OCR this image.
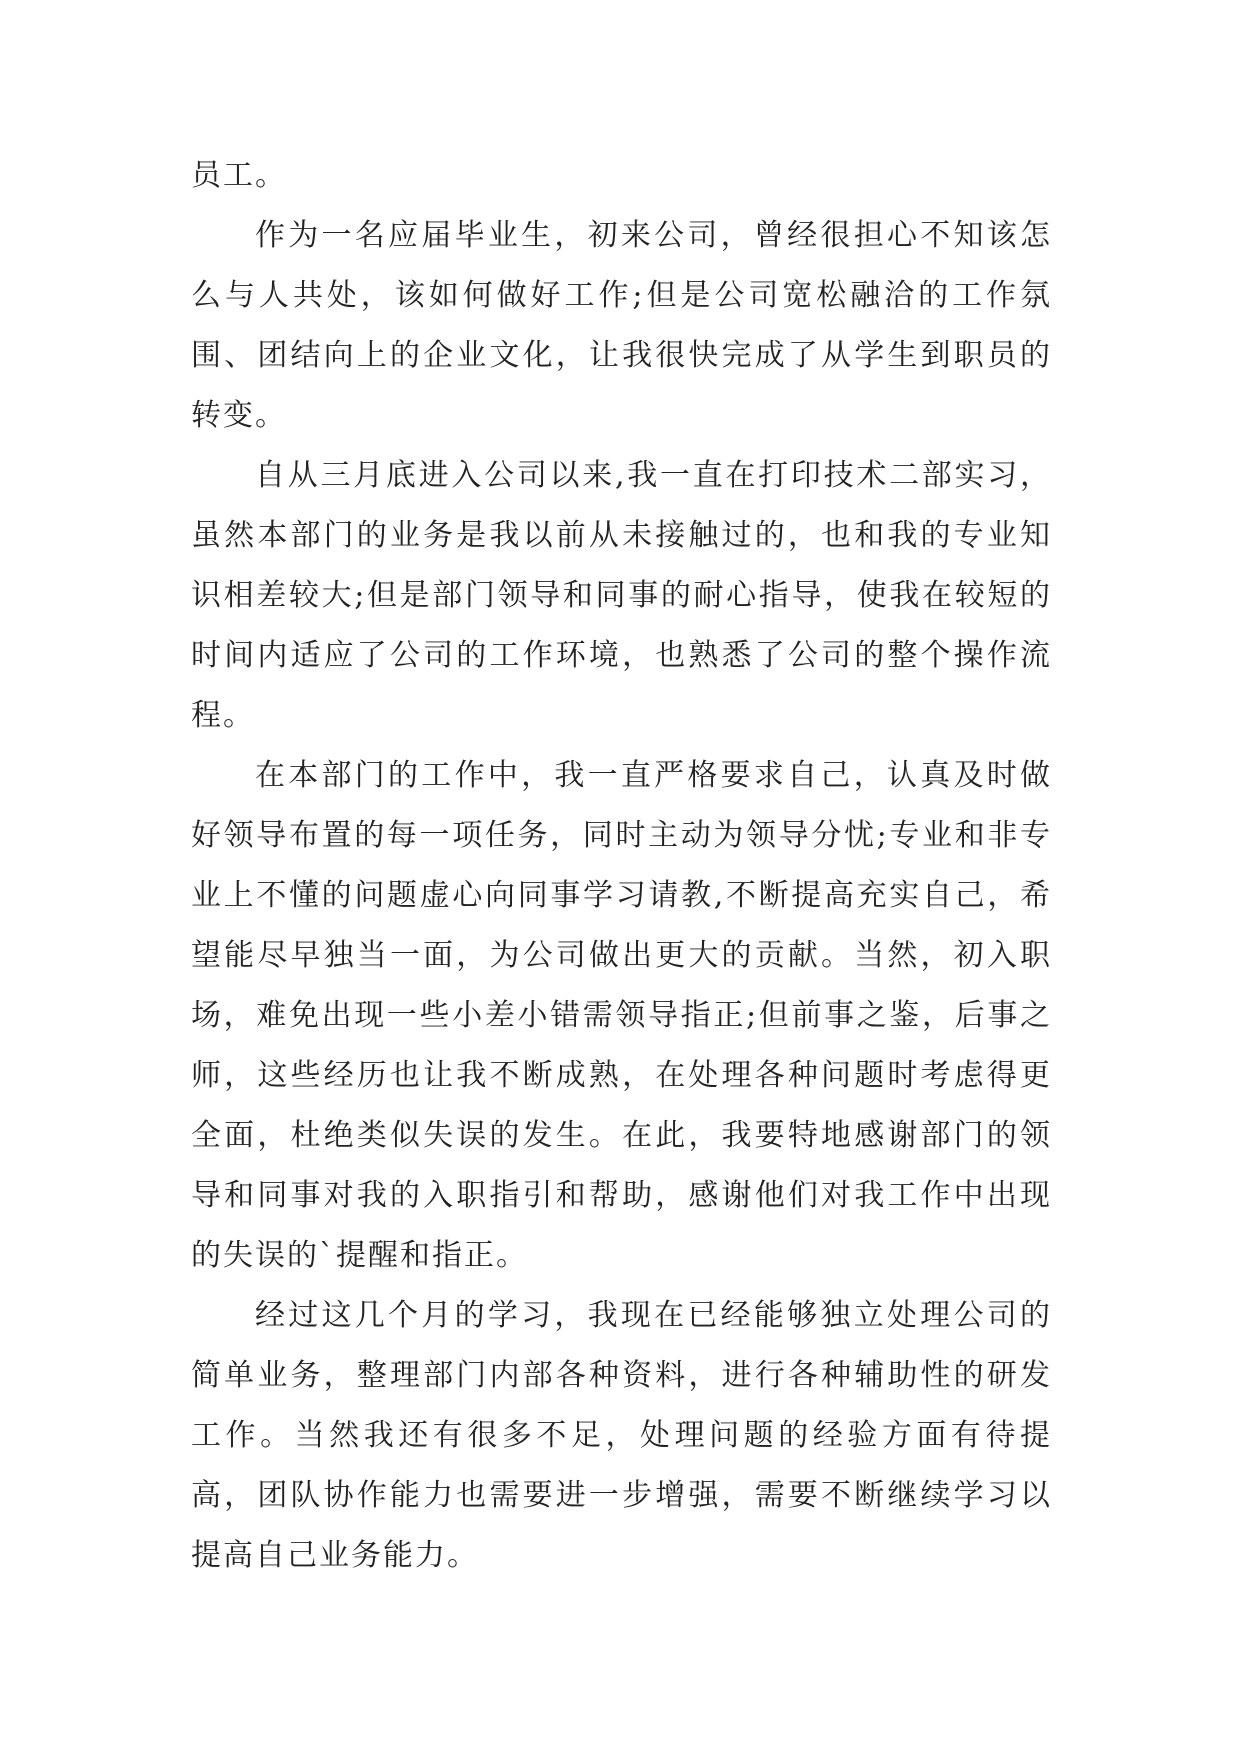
员工。

作为一名应届毕业生，初来公司，曾经很担心不知该怎么与人共处，该如何做好工作;但是公司宽松融洽的工作氛围、团结向上的企业文化，让我很快完成了从学生到职员的转变。

自从三月底进入公司以来,我一直在打印技术二部实习，虽然本部门的业务是我以前从未接触过的，也和我的专业知识相差较大;但是部门领导和同事的耐心指导，使我在较短的时间内适应了公司的工作环境，也熟悉了公司的整个操作流程。

在本部门的工作中，我一直严格要求自己，认真及时做好领导布置的每一项任务，同时主动为领导分忧;专业和非专业上不懂的问题虚心向同事学习请教,不断提高充实自己，希望能尽早独当一面，为公司做出更大的贡献。当然，初入职场，难免出现一些小差小错需领导指正;但前事之鉴，后事之师，这些经历也让我不断成熟，在处理各种问题时考虑得更全面，杜绝类似失误的发生。在此，我要特地感谢部门的领导和同事对我的入职指引和帮助，感谢他们对我工作中出现的失误的`提醒和指正。

经过这几个月的学习，我现在已经能够独立处理公司的简单业务，整理部门内部各种资料，进行各种辅助性的研发工作。当然我还有很多不足，处理问题的经验方面有待提高，团队协作能力也需要进一步增强，需要不断继续学习以提高自己业务能力。
